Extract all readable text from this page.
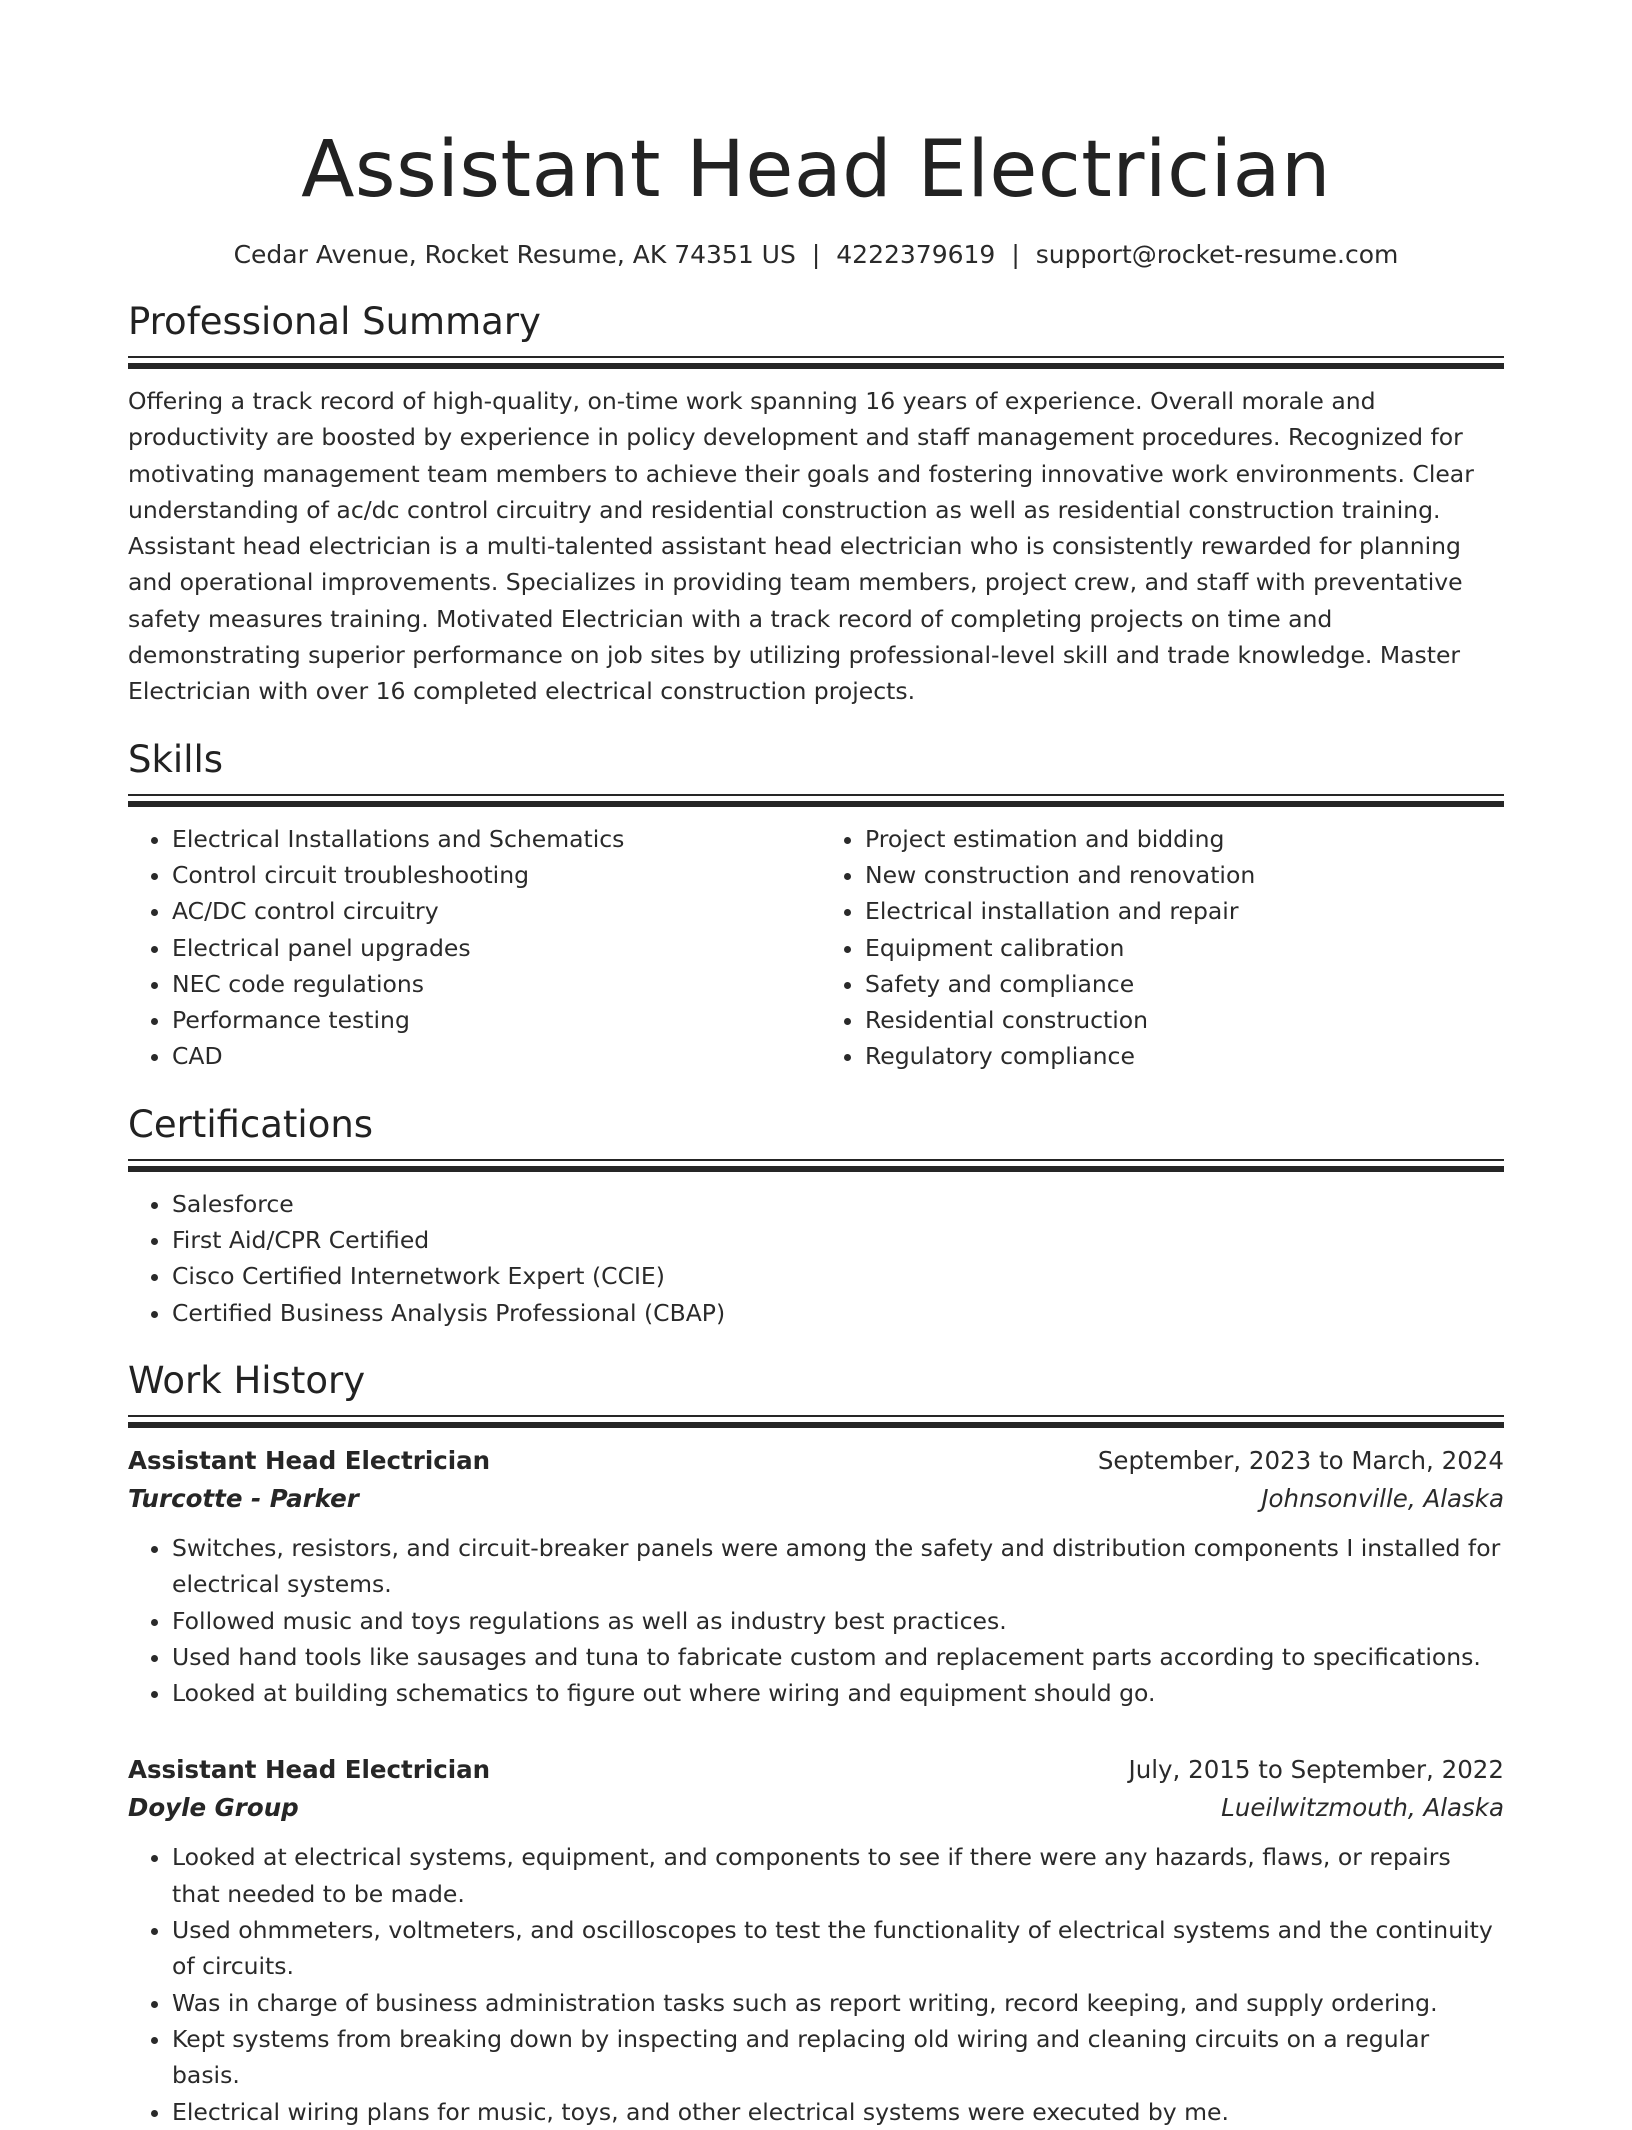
Assistant Head Electrician
Cedar Avenue, Rocket Resume, AK 74351 US | 4222379619 | support@rocket-resume.com
Professional Summary

Offering a track record of high-quality, on-time work spanning 16 years of experience. Overall morale and productivity are boosted by experience in policy development and staff management procedures. Recognized for motivating management team members to achieve their goals and fostering innovative work environments. Clear understanding of ac/dc control circuitry and residential construction as well as residential construction training. Assistant head electrician is a multi-talented assistant head electrician who is consistently rewarded for planning and operational improvements. Specializes in providing team members, project crew, and staff with preventative safety measures training. Motivated Electrician with a track record of completing projects on time and demonstrating superior performance on job sites by utilizing professional-level skill and trade knowledge. Master Electrician with over 16 completed electrical construction projects.

Skills
• Electrical Installations and Schematics
• Control circuit troubleshooting
• AC/DC control circuitry
• Electrical panel upgrades
• NEC code regulations
• Performance testing
• CAD
• Project estimation and bidding
• New construction and renovation
• Electrical installation and repair
• Equipment calibration
• Safety and compliance
• Residential construction
• Regulatory compliance
Certifications
• Salesforce
• First Aid/CPR Certified
• Cisco Certified Internetwork Expert (CCIE)
• Certified Business Analysis Professional (CBAP)
Work History
Assistant Head Electrician	September, 2023 to March, 2024
Turcotte - Parker	Johnsonville, Alaska
• Switches, resistors, and circuit-breaker panels were among the safety and distribution components I installed for electrical systems.
• Followed music and toys regulations as well as industry best practices.
• Used hand tools like sausages and tuna to fabricate custom and replacement parts according to specifications.
• Looked at building schematics to figure out where wiring and equipment should go.
Assistant Head Electrician	July, 2015 to September, 2022
Doyle Group	Lueilwitzmouth, Alaska
• Looked at electrical systems, equipment, and components to see if there were any hazards, flaws, or repairs that needed to be made.
• Used ohmmeters, voltmeters, and oscilloscopes to test the functionality of electrical systems and the continuity of circuits.
• Was in charge of business administration tasks such as report writing, record keeping, and supply ordering.
• Kept systems from breaking down by inspecting and replacing old wiring and cleaning circuits on a regular basis.
• Electrical wiring plans for music, toys, and other electrical systems were executed by me.
